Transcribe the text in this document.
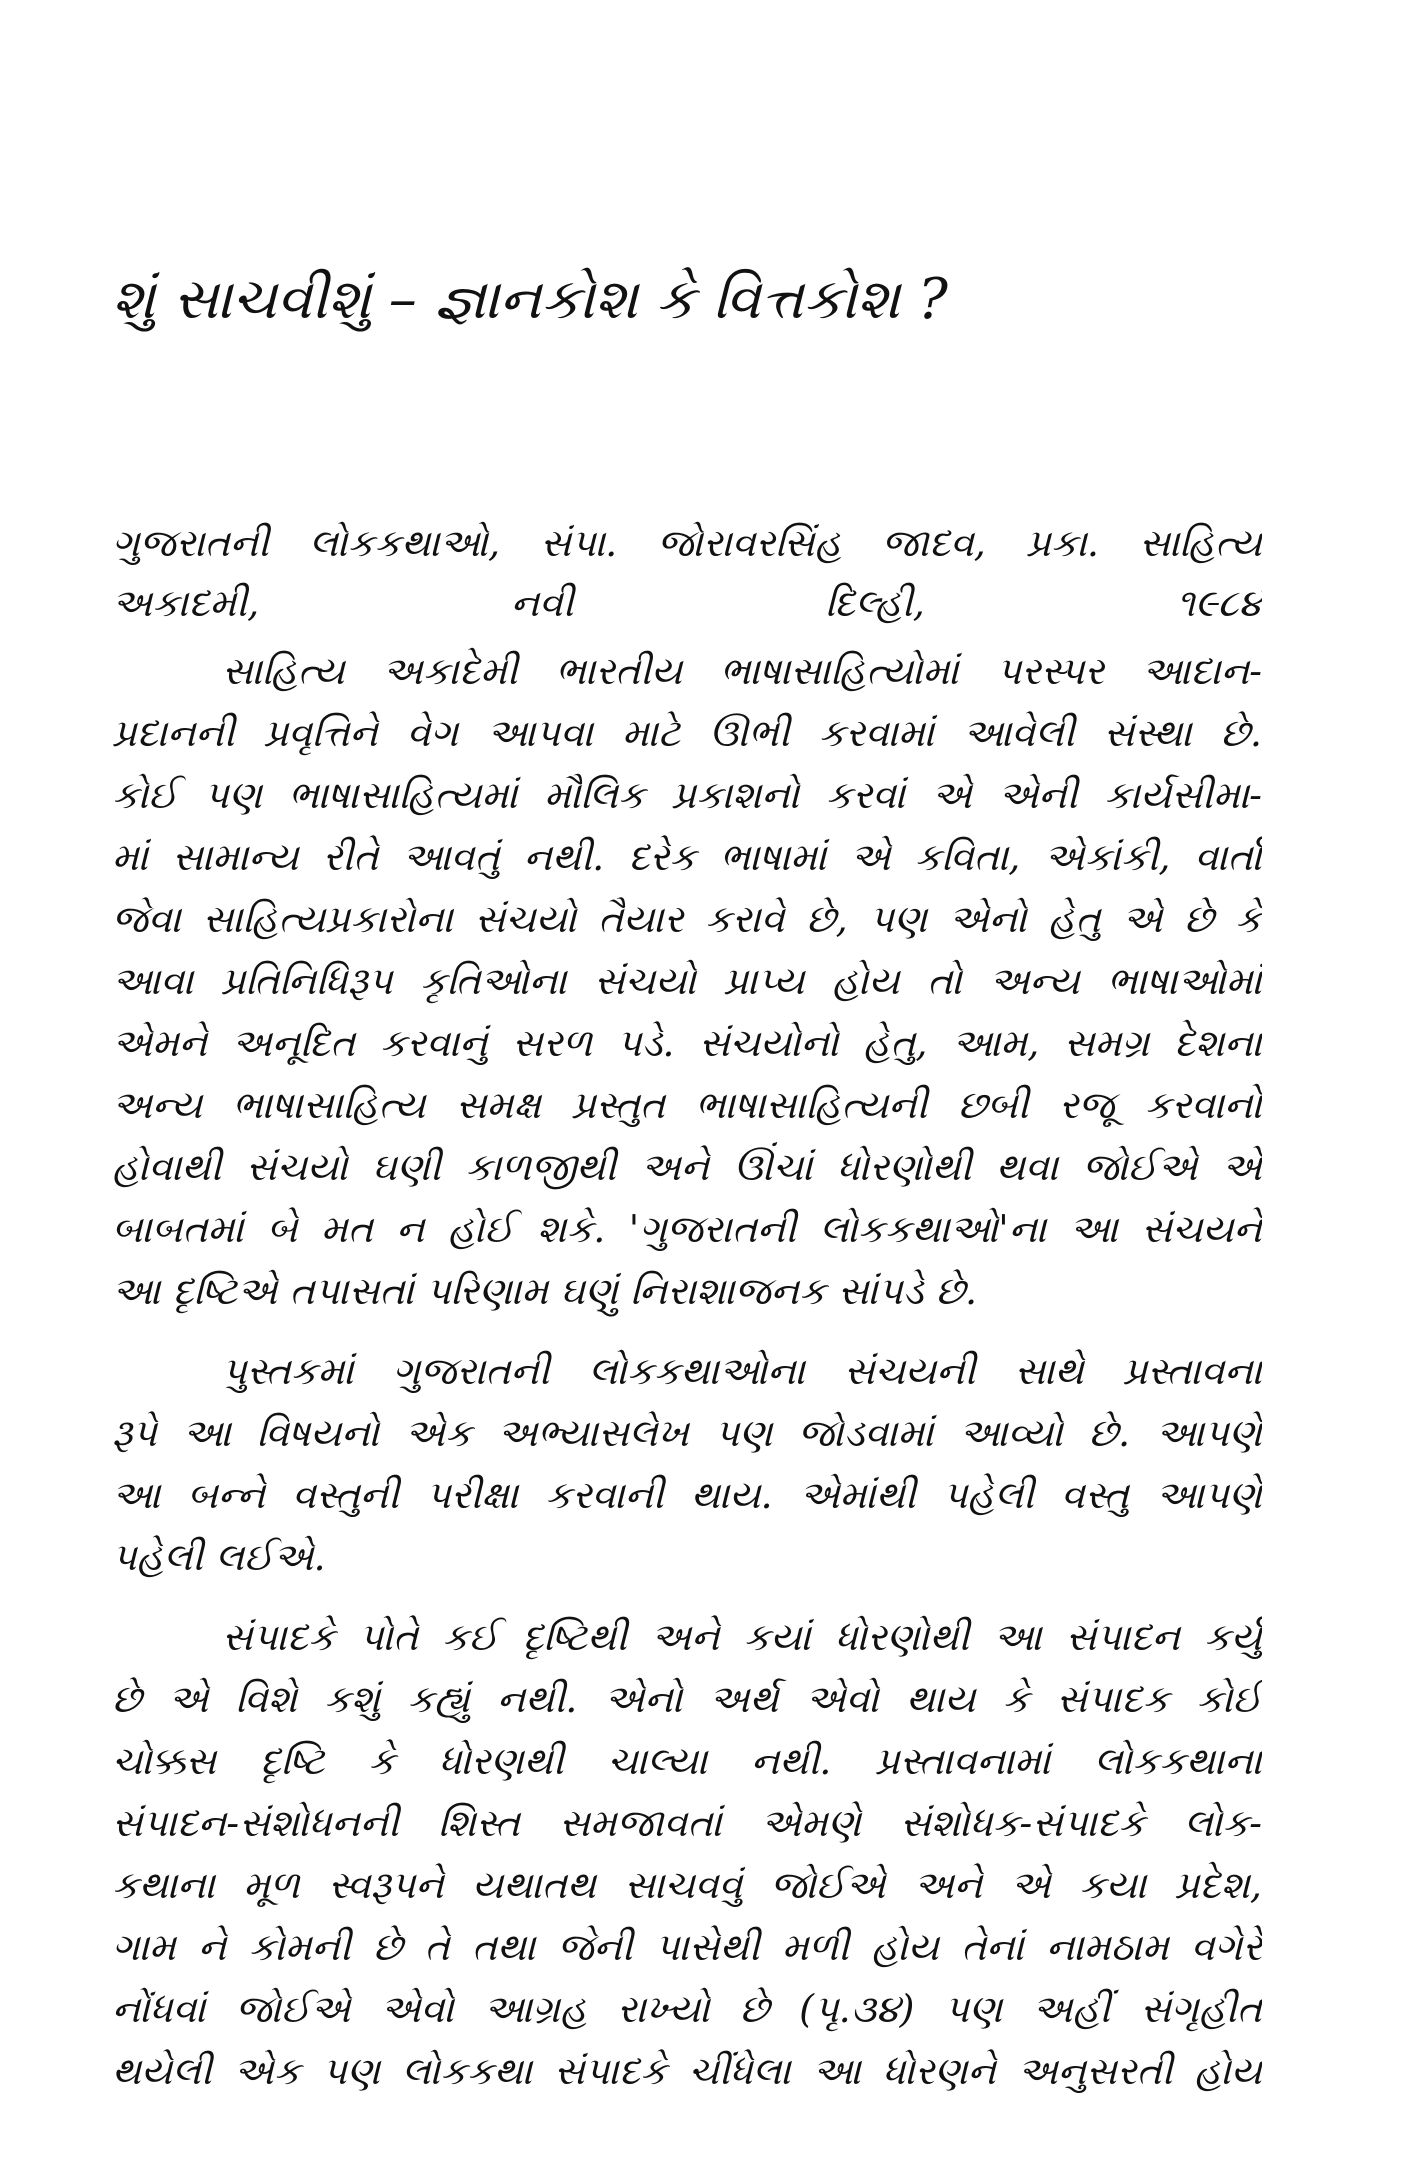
શું સાચવીશું – જ્ઞાનકોશ કે વિત્તકોશ ?
ગુજરાતની લોકકથાઓ, સંપા. જોરાવરસિંહ જાદવ, પ્રકા. સાહિત્ય
અકાદમી, નવી દિલ્હી, ૧૯૮૪
સાહિત્ય અકાદેમી ભારતીય ભાષાસાહિત્યોમાં પરસ્પર આદાન-
પ્રદાનની પ્રવૃત્તિને વેગ આપવા માટે ઊભી કરવામાં આવેલી સંસ્થા છે.
કોઈ પણ ભાષાસાહિત્યમાં મૌલિક પ્રકાશનો કરવાં એ એની કાર્યસીમા-
માં સામાન્ય રીતે આવતું નથી. દરેક ભાષામાં એ કવિતા, એકાંકી, વાર્તા
જેવા સાહિત્યપ્રકારોના સંચયો તૈયાર કરાવે છે, પણ એનો હેતુ એ છે કે
આવા પ્રતિનિધિરૂપ કૃતિઓના સંચયો પ્રાપ્ય હોય તો અન્ય ભાષાઓમાં
એમને અનૂદિત કરવાનું સરળ પડે. સંચયોનો હેતુ, આમ, સમગ્ર દેશના
અન્ય ભાષાસાહિત્ય સમક્ષ પ્રસ્તુત ભાષાસાહિત્યની છબી રજૂ કરવાનો
હોવાથી સંચયો ઘણી કાળજીથી અને ઊંચાં ધોરણોથી થવા જોઈએ એ
બાબતમાં બે મત ન હોઈ શકે. 'ગુજરાતની લોકકથાઓ'ના આ સંચયને
આ દૃષ્ટિએ તપાસતાં પરિણામ ઘણું નિરાશાજનક સાંપડે છે.
પુસ્તકમાં ગુજરાતની લોકકથાઓના સંચયની સાથે પ્રસ્તાવના
રૂપે આ વિષયનો એક અભ્યાસલેખ પણ જોડવામાં આવ્યો છે. આપણે
આ બન્ને વસ્તુની પરીક્ષા કરવાની થાય. એમાંથી પહેલી વસ્તુ આપણે
પહેલી લઈએ.
સંપાદકે પોતે કઈ દૃષ્ટિથી અને કયાં ધોરણોથી આ સંપાદન કર્યું
છે એ વિશે કશું કહ્યું નથી. એનો અર્થ એવો થાય કે સંપાદક કોઈ
ચોક્કસ દૃષ્ટિ કે ધોરણથી ચાલ્યા નથી. પ્રસ્તાવનામાં લોકકથાના
સંપાદન-સંશોધનની શિસ્ત સમજાવતાં એમણે સંશોધક-સંપાદકે લોક-
કથાના મૂળ સ્વરૂપને યથાતથ સાચવવું જોઈએ અને એ કયા પ્રદેશ,
ગામ ને કોમની છે તે તથા જેની પાસેથી મળી હોય તેનાં નામઠામ વગેરે
નોંધવાં જોઈએ એવો આગ્રહ રાખ્યો છે (પૃ.૩૪) પણ અહીં સંગૃહીત
થયેલી એક પણ લોકકથા સંપાદકે ચીંધેલા આ ધોરણને અનુસરતી હોય
